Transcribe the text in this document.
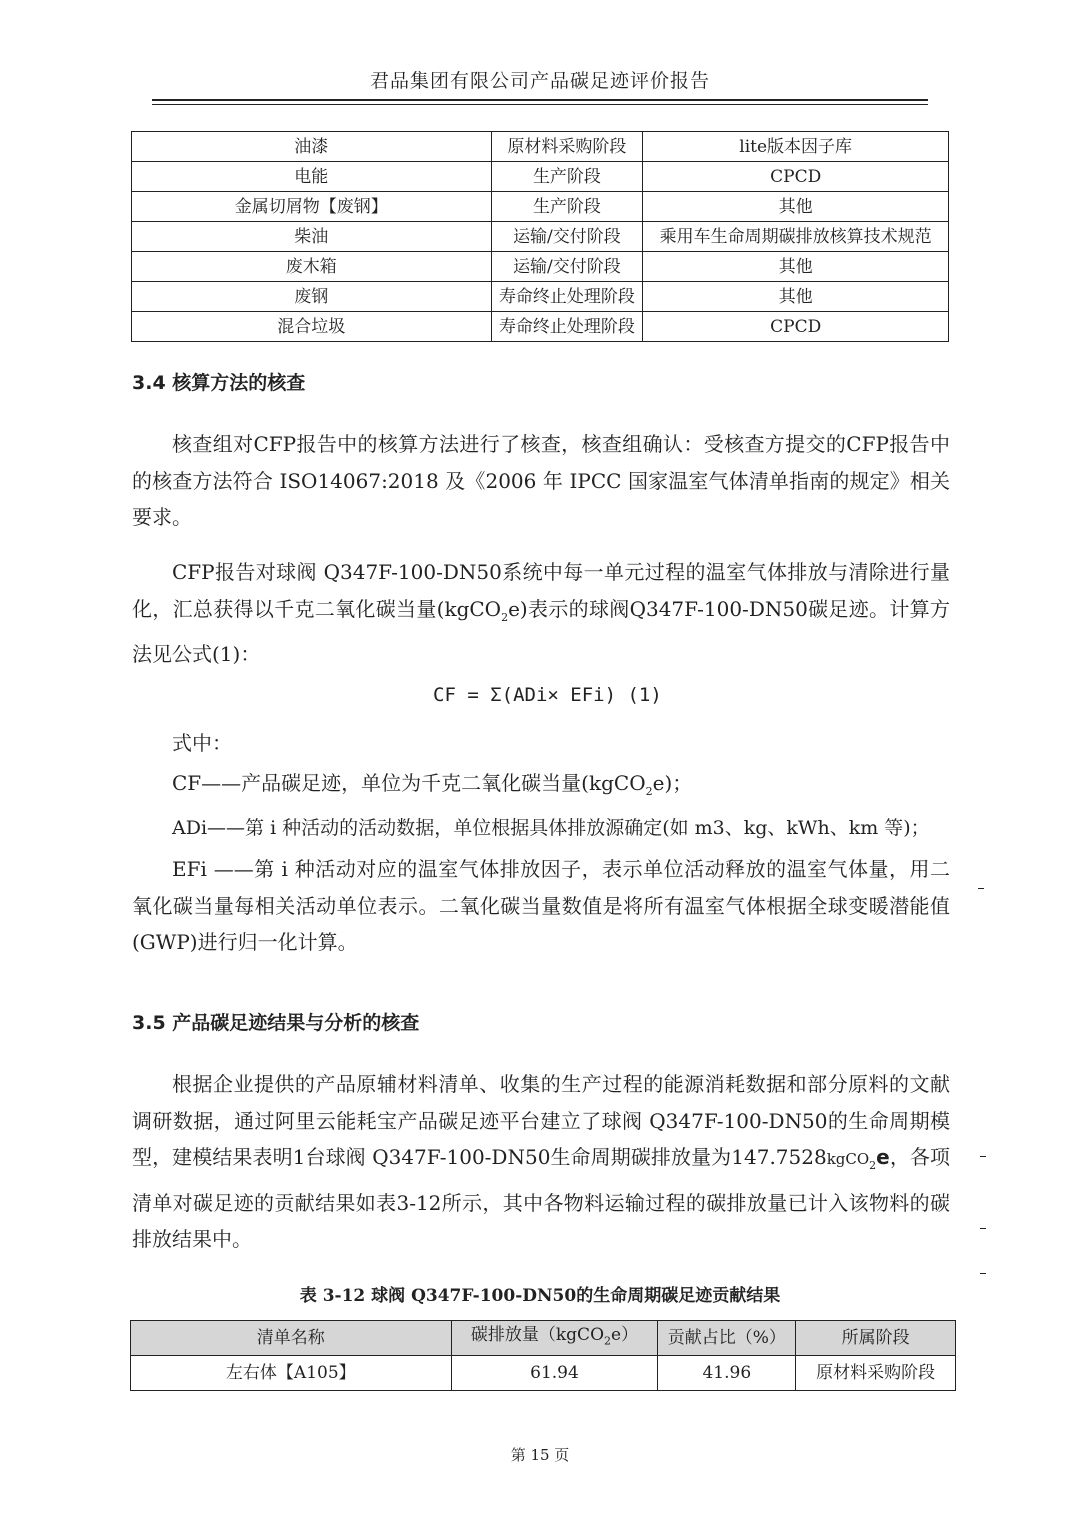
君品集团有限公司产品碳足迹评价报告
油漆	原材料采购阶段	lite版本因子库
电能	生产阶段	CPCD
金属切屑物【废钢】	生产阶段	其他
柴油	运输/交付阶段	乘用车生命周期碳排放核算技术规范
废木箱	运输/交付阶段	其他
废钢	寿命终止处理阶段	其他
混合垃圾	寿命终止处理阶段	CPCD
3.4 核算方法的核查

核查组对CFP报告中的核算方法进行了核查，核查组确认：受核查方提交的CFP报告中的核查方法符合 ISO14067:2018 及《2006 年 IPCC 国家温室气体清单指南的规定》相关要求。

CFP报告对球阀 Q347F-100-DN50系统中每一单元过程的温室气体排放与清除进行量化，汇总获得以千克二氧化碳当量(kgCO$_2$e)表示的球阀Q347F-100-DN50碳足迹。计算方法见公式(1)：

CF = Σ(ADi× EFi) (1)
式中：
CF——产品碳足迹，单位为千克二氧化碳当量(kgCO$_2$e)；
ADi——第 i 种活动的活动数据，单位根据具体排放源确定(如 m3、kg、kWh、km 等)；

EFi ——第 i 种活动对应的温室气体排放因子，表示单位活动释放的温室气体量，用二氧化碳当量每相关活动单位表示。二氧化碳当量数值是将所有温室气体根据全球变暖潜能值(GWP)进行归一化计算。

3.5 产品碳足迹结果与分析的核查

根据企业提供的产品原辅材料清单、收集的生产过程的能源消耗数据和部分原料的文献调研数据，通过阿里云能耗宝产品碳足迹平台建立了球阀 Q347F-100-DN50的生命周期模型，建模结果表明1台球阀 Q347F-100-DN50生命周期碳排放量为147.7528kgCO$_2$e，各项清单对碳足迹的贡献结果如表3-12所示，其中各物料运输过程的碳排放量已计入该物料的碳排放结果中。

表 3-12 球阀 Q347F-100-DN50的生命周期碳足迹贡献结果
清单名称	碳排放量（kgCO$_2$e）	贡献占比（%）	所属阶段
左右体【A105】	61.94	41.96	原材料采购阶段
第 15 页
